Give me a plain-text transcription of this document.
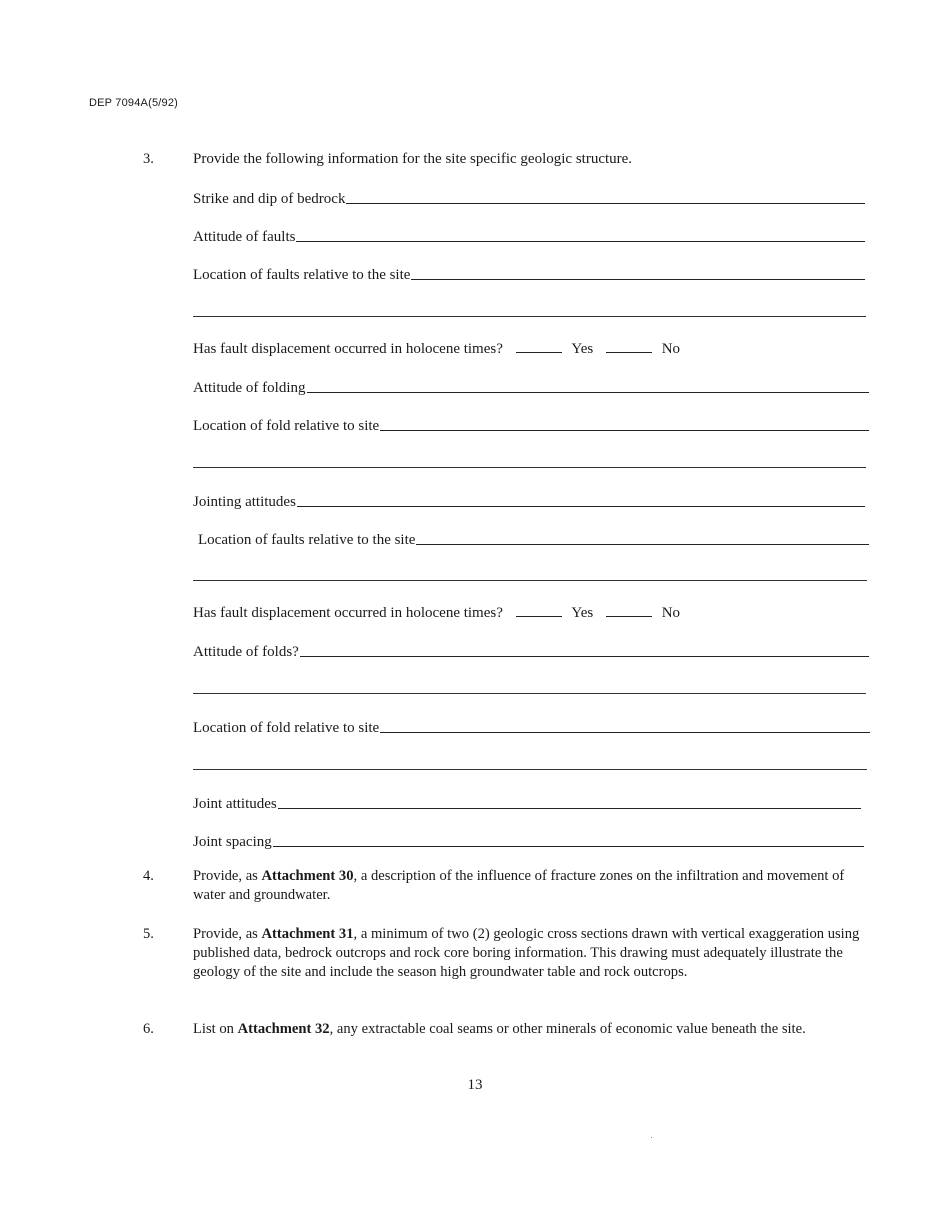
DEP 7094A(5/92)
3.	Provide the following information for the site specific geologic structure.
Strike and dip of bedrock
Attitude of faults
Location of faults relative to the site
Has fault displacement occurred in holocene times?	Yes	No
Attitude of folding
Location of fold relative to site
Jointing attitudes
Location of faults relative to the site
Has fault displacement occurred in holocene times?	Yes	No
Attitude of folds?
Location of fold relative to site
Joint attitudes
Joint spacing
4.	Provide, as Attachment 30, a description of the influence of fracture zones on the infiltration and movement of water and groundwater.
5.	Provide, as Attachment 31, a minimum of two (2) geologic cross sections drawn with vertical exaggeration using published data, bedrock outcrops and rock core boring information. This drawing must adequately illustrate the geology of the site and include the season high groundwater table and rock outcrops.
6.	List on Attachment 32, any extractable coal seams or other minerals of economic value beneath the site.
13
